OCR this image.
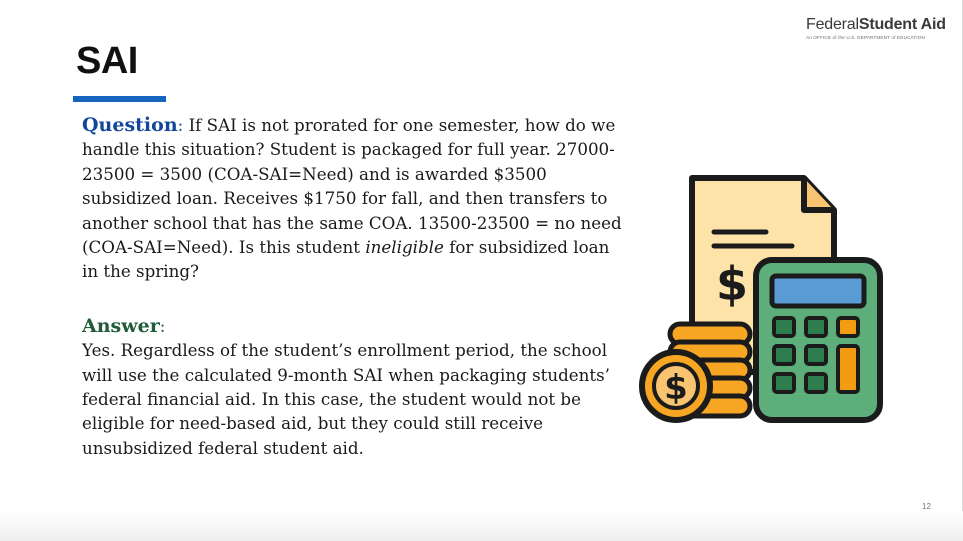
FederalStudent Aid
An OFFICE of the U.S. DEPARTMENT of EDUCATION
SAI

Question: If SAI is not prorated for one semester, how do we handle this situation? Student is packaged for full year. 27000-23500 = 3500 (COA-SAI=Need) and is awarded $3500 subsidized loan. Receives $1750 for fall, and then transfers to another school that has the same COA. 13500-23500 = no need (COA-SAI=Need). Is this student ineligible for subsidized loan in the spring?

Answer:

Yes. Regardless of the student’s enrollment period, the school will use the calculated 9-month SAI when packaging students’ federal financial aid. In this case, the student would not be eligible for need-based aid, but they could still receive unsubsidized federal student aid.

$
$
12
